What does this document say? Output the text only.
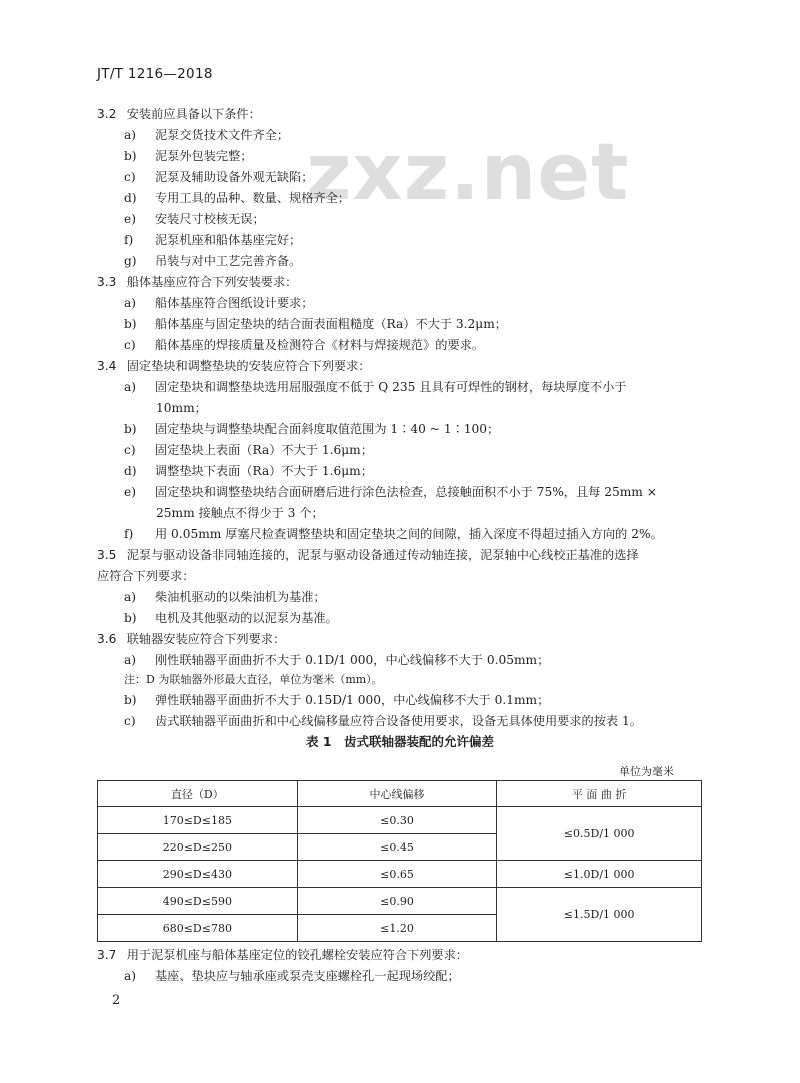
JT/T 1216—2018
zxz.net
3.2 安装前应具备以下条件：
a) 泥泵交货技术文件齐全；
b) 泥泵外包装完整；
c) 泥泵及辅助设备外观无缺陷；
d) 专用工具的品种、数量、规格齐全；
e) 安装尺寸校核无误；
f) 泥泵机座和船体基座完好；
g) 吊装与对中工艺完善齐备。
3.3 船体基座应符合下列安装要求：
a) 船体基座符合图纸设计要求；
b) 船体基座与固定垫块的结合面表面粗糙度（Ra）不大于 3.2μm；
c) 船体基座的焊接质量及检测符合《材料与焊接规范》的要求。
3.4 固定垫块和调整垫块的安装应符合下列要求：
a) 固定垫块和调整垫块选用屈服强度不低于 Q 235 且具有可焊性的钢材，每块厚度不小于
10mm；
b) 固定垫块与调整垫块配合面斜度取值范围为 1∶40 ~ 1∶100；
c) 固定垫块上表面（Ra）不大于 1.6μm；
d) 调整垫块下表面（Ra）不大于 1.6μm；
e) 固定垫块和调整垫块结合面研磨后进行涂色法检查，总接触面积不小于 75%，且每 25mm ×
25mm 接触点不得少于 3 个；
f) 用 0.05mm 厚塞尺检查调整垫块和固定垫块之间的间隙，插入深度不得超过插入方向的 2%。
3.5 泥泵与驱动设备非同轴连接的，泥泵与驱动设备通过传动轴连接，泥泵轴中心线校正基准的选择
应符合下列要求：
a) 柴油机驱动的以柴油机为基准；
b) 电机及其他驱动的以泥泵为基准。
3.6 联轴器安装应符合下列要求：
a) 刚性联轴器平面曲折不大于 0.1D/1 000，中心线偏移不大于 0.05mm；
注：D 为联轴器外形最大直径，单位为毫米（mm）。
b) 弹性联轴器平面曲折不大于 0.15D/1 000，中心线偏移不大于 0.1mm；
c) 齿式联轴器平面曲折和中心线偏移量应符合设备使用要求，设备无具体使用要求的按表 1。
表 1　齿式联轴器装配的允许偏差
单位为毫米
直径（D）	中心线偏移	平 面 曲 折
170≤D≤185	≤0.30	≤0.5D/1 000
220≤D≤250	≤0.45	
290≤D≤430	≤0.65	≤1.0D/1 000
490≤D≤590	≤0.90	≤1.5D/1 000
680≤D≤780	≤1.20	
3.7 用于泥泵机座与船体基座定位的铰孔螺栓安装应符合下列要求：
a) 基座、垫块应与轴承座或泵壳支座螺栓孔一起现场绞配；
2
